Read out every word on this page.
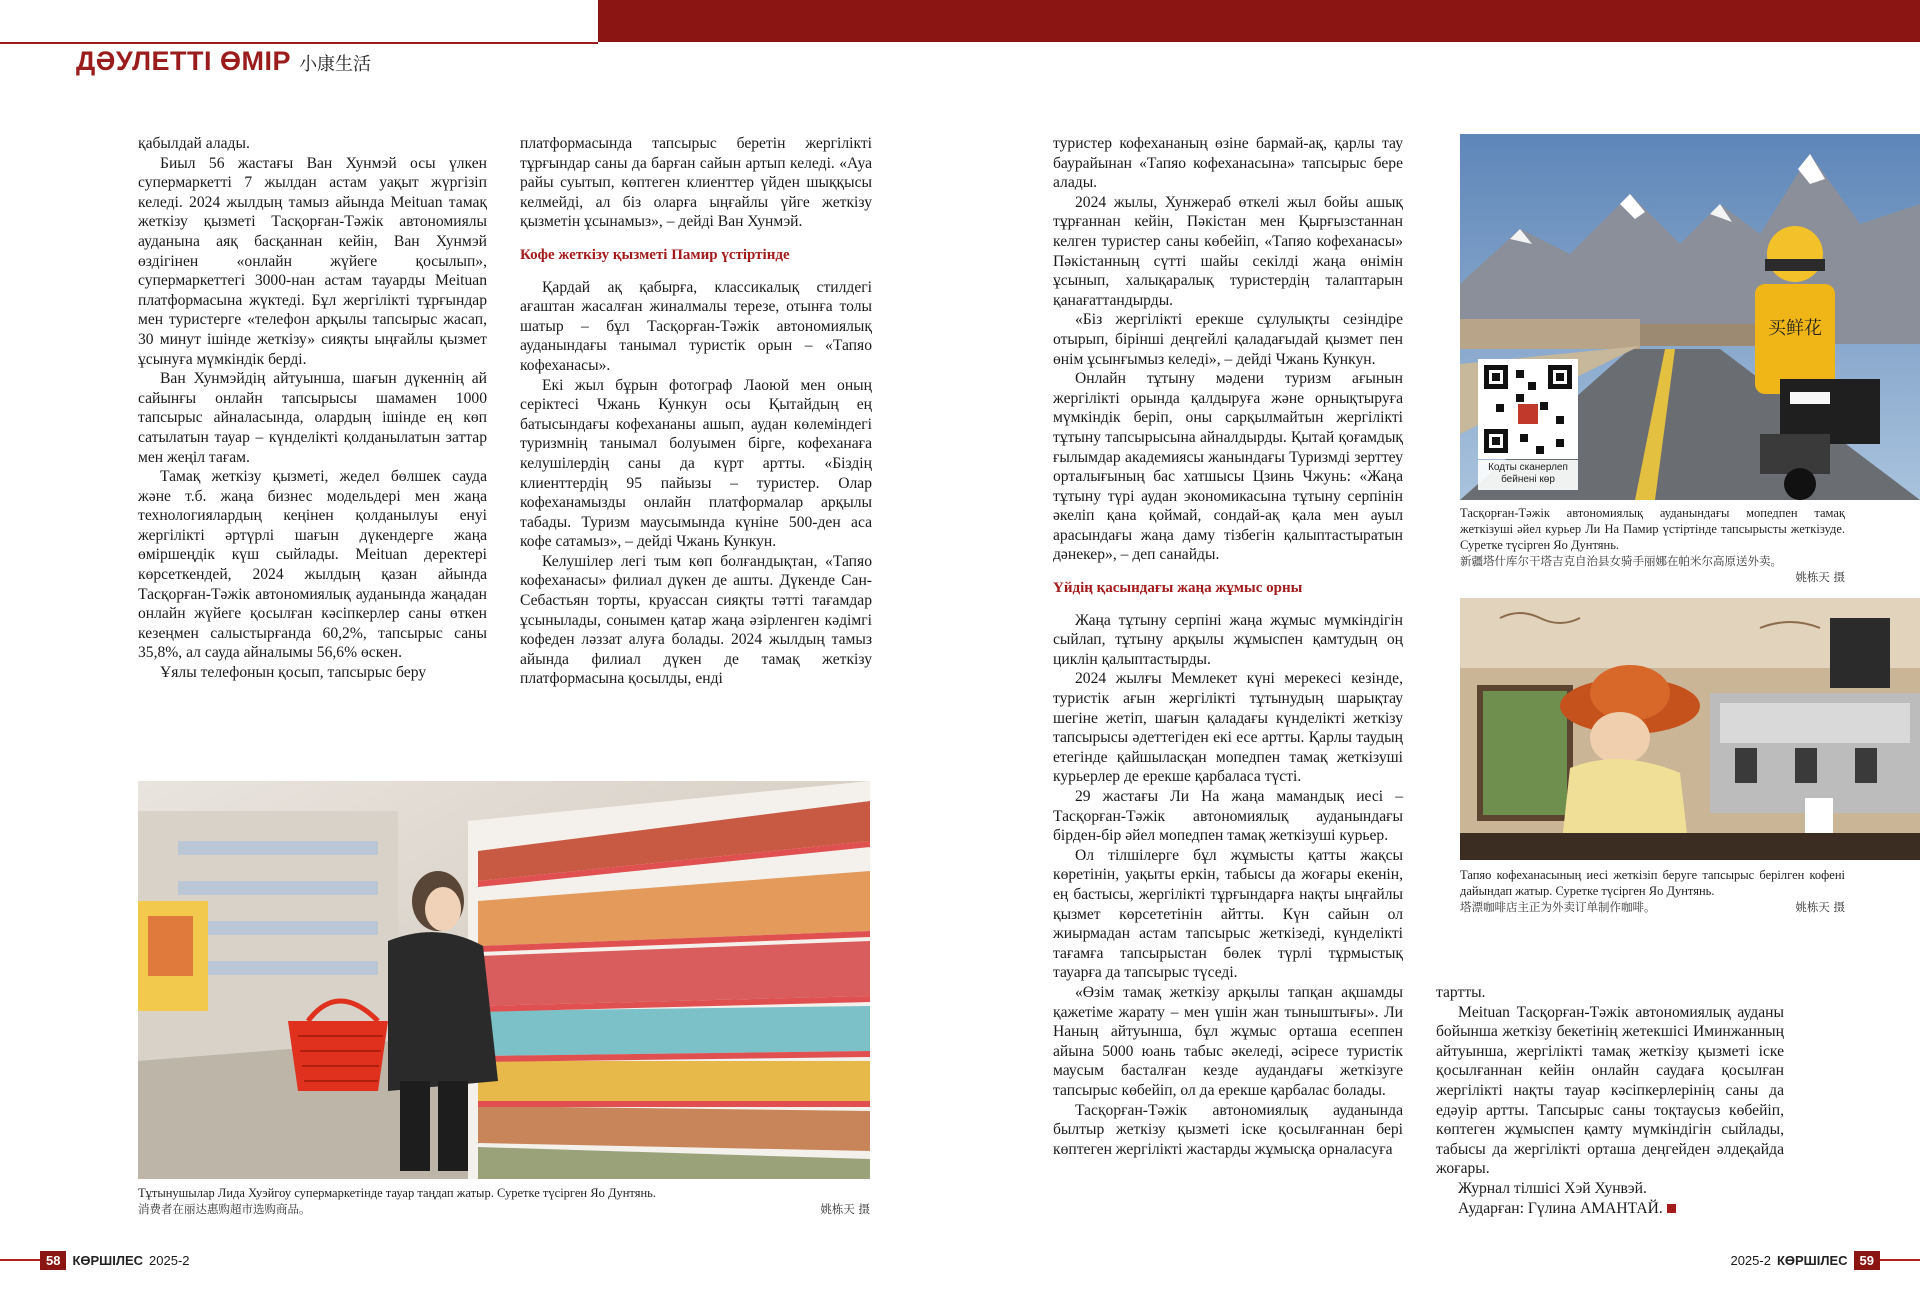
ДӘУЛЕТТІ ӨМІР 小康生活

қабылдай алады.

Биыл 56 жастағы Ван Хунмэй осы үлкен супермаркетті 7 жылдан астам уақыт жүргізіп келеді. 2024 жылдың тамыз айында Meituan тамақ жеткізу қызметі Тасқорған-Тәжік автономиялы ауданына аяқ басқаннан кейін, Ван Хунмэй өздігінен «онлайн жүйеге қосылып», супермаркеттегі 3000-нан астам тауарды Meituan платформасына жүктеді. Бұл жергілікті тұрғындар мен туристерге «телефон арқылы тапсырыс жасап, 30 минут ішінде жеткізу» сияқты ыңғайлы қызмет ұсынуға мүмкіндік берді.

Ван Хунмэйдің айтуынша, шағын дүкеннің ай сайынғы онлайн тапсырысы шамамен 1000 тапсырыс айналасында, олардың ішінде ең көп сатылатын тауар – күнделікті қолданылатын заттар мен жеңіл тағам.

Тамақ жеткізу қызметі, жедел бөлшек сауда және т.б. жаңа бизнес модельдері мен жаңа технологиялардың кеңінен қолданылуы енуі жергілікті әртүрлі шағын дүкендерге жаңа өміршеңдік күш сыйлады. Meituan деректері көрсеткендей, 2024 жылдың қазан айында Тасқорған-Тәжік автономиялық ауданында жаңадан онлайн жүйеге қосылған кәсіпкерлер саны өткен кезеңмен салыстырғанда 60,2%, тапсырыс саны 35,8%, ал сауда айналымы 56,6% өскен.

Ұялы телефонын қосып, тапсырыс беру

платформасында тапсырыс беретін жергілікті тұрғындар саны да барған сайын артып келеді. «Ауа райы суытып, көптеген клиенттер үйден шыққысы келмейді, ал біз оларға ыңғайлы үйге жеткізу қызметін ұсынамыз», – дейді Ван Хунмэй.

Кофе жеткізу қызметі Памир үстіртінде

Қардай ақ қабырға, классикалық стилдегі ағаштан жасалған жиналмалы терезе, отынға толы шатыр – бұл Тасқорған-Тәжік автономиялық ауданындағы танымал туристік орын – «Тапяо кофеханасы».

Екі жыл бұрын фотограф Лаоюй мен оның серіктесі Чжань Кункун осы Қытайдың ең батысындағы кофехананы ашып, аудан көлеміндегі туризмнің танымал болуымен бірге, кофеханаға келушілердің саны да күрт артты. «Біздің клиенттердің 95 пайызы – туристер. Олар кофеханамызды онлайн платформалар арқылы табады. Туризм маусымында күніне 500-ден аса кофе сатамыз», – дейді Чжань Кункун.

Келушілер легі тым көп болғандықтан, «Тапяо кофеханасы» филиал дүкен де ашты. Дүкенде Сан-Себастьян торты, круассан сияқты тәтті тағамдар ұсынылады, сонымен қатар жаңа әзірленген кәдімгі кофеден ләззат алуға болады. 2024 жылдың тамыз айында филиал дүкен де тамақ жеткізу платформасына қосылды, енді

туристер кофехананың өзіне бармай-ақ, қарлы тау баурайынан «Тапяо кофеханасына» тапсырыс бере алады.

2024 жылы, Хунжераб өткелі жыл бойы ашық тұрғаннан кейін, Пәкістан мен Қырғызстаннан келген туристер саны көбейіп, «Тапяо кофеханасы» Пәкістанның сүтті шайы секілді жаңа өнімін ұсынып, халықаралық туристердің талаптарын қанағаттандырды.

«Біз жергілікті ерекше сұлулықты сезіндіре отырып, біріншi деңгейлі қаладағыдай қызмет пен өнім ұсынғымыз келеді», – дейді Чжань Кункун.

Онлайн тұтыну мәдени туризм ағынын жергілікті орында қалдыруға және орнықтыруға мүмкіндік беріп, оны сарқылмайтын жергілікті тұтыну тапсырысына айналдырды. Қытай қоғамдық ғылымдар академиясы жанындағы Туризмді зерттеу орталығының бас хатшысы Цзинь Чжунь: «Жаңа тұтыну түрі аудан экономикасына тұтыну серпінін әкеліп қана қоймай, сондай-ақ қала мен ауыл арасындағы жаңа даму тізбегін қалыптастыратын дәнекер», – деп санайды.

Үйдің қасындағы жаңа жұмыс орны

Жаңа тұтыну серпіні жаңа жұмыс мүмкіндігін сыйлап, тұтыну арқылы жұмыспен қамтудың оң циклін қалыптастырды.

2024 жылғы Мемлекет күні мерекесі кезінде, туристік ағын жергілікті тұтынудың шарықтау шегіне жетіп, шағын қаладағы күнделікті жеткізу тапсырысы әдеттегіден екі есе артты. Қарлы таудың етегінде қайшыласқан мопедпен тамақ жеткізуші курьерлер де ерекше қарбаласа түсті.

29 жастағы Ли На жаңа мамандық иесі – Тасқорған-Тәжік автономиялық ауданындағы бірден-бір әйел мопедпен тамақ жеткізуші курьер.

Ол тілшілерге бұл жұмысты қатты жақсы көретінін, уақыты еркін, табысы да жоғары екенін, ең бастысы, жергілікті тұрғындарға нақты ыңғайлы қызмет көрсететінін айтты. Күн сайын ол жиырмадан астам тапсырыс жеткізеді, күнделікті тағамға тапсырыстан бөлек түрлі тұрмыстық тауарға да тапсырыс түседі.

«Өзім тамақ жеткізу арқылы тапқан ақшамды қажетіме жарату – мен үшін жан тыныштығы». Ли Наның айтуынша, бұл жұмыс орташа есеппен айына 5000 юань табыс әкеледі, әсіресе туристік маусым басталған кезде аудандағы жеткізуге тапсырыс көбейіп, ол да ерекше қарбалас болады.

Тасқорған-Тәжік автономиялық ауданында былтыр жеткізу қызметі іске қосылғаннан бері көптеген жергілікті жастарды жұмысқа орналасуға

тартты.

Meituan Тасқорған-Тәжік автономиялық ауданы бойынша жеткізу бекетінің жетекшісі Иминжанның айтуынша, жергілікті тамақ жеткізу қызметі іске қосылғаннан кейін онлайн саудаға қосылған жергілікті нақты тауар кәсіпкерлерінің саны да едәуір артты. Тапсырыс саны тоқтаусыз көбейіп, көптеген жұмыспен қамту мүмкіндігін сыйлады, табысы да жергілікті орташа деңгейден әлдеқайда жоғары.

Журнал тілшісі Хэй Хунвэй.

Аударған: Гүлина АМАНТАЙ.

Тұтынушылар Лида Хуэйгоу супермаркетінде тауар таңдап жатыр. Суретке түсірген Яо Дунтянь.
消费者在丽达惠购超市选购商品。	姚栋天 摄
买鲜花
Кодты сканерлеп бейнені көр
Тасқорған-Тәжік автономиялық ауданындағы мопедпен тамақ жеткізуші әйел курьер Ли На Памир үстіртінде тапсырысты жеткізуде. Суретке түсірген Яо Дунтянь.
新疆塔什库尔干塔吉克自治县女骑手丽娜在帕米尔高原送外卖。
姚栋天 摄
Тапяо кофеханасының иесі жеткізіп беруге тапсырыс берілген кофені дайындап жатыр. Суретке түсірген Яо Дунтянь.
塔漂咖啡店主正为外卖订单制作咖啡。	姚栋天 摄
58 КӨРШІЛЕС 2025-2	2025-2 КӨРШІЛЕС 59
